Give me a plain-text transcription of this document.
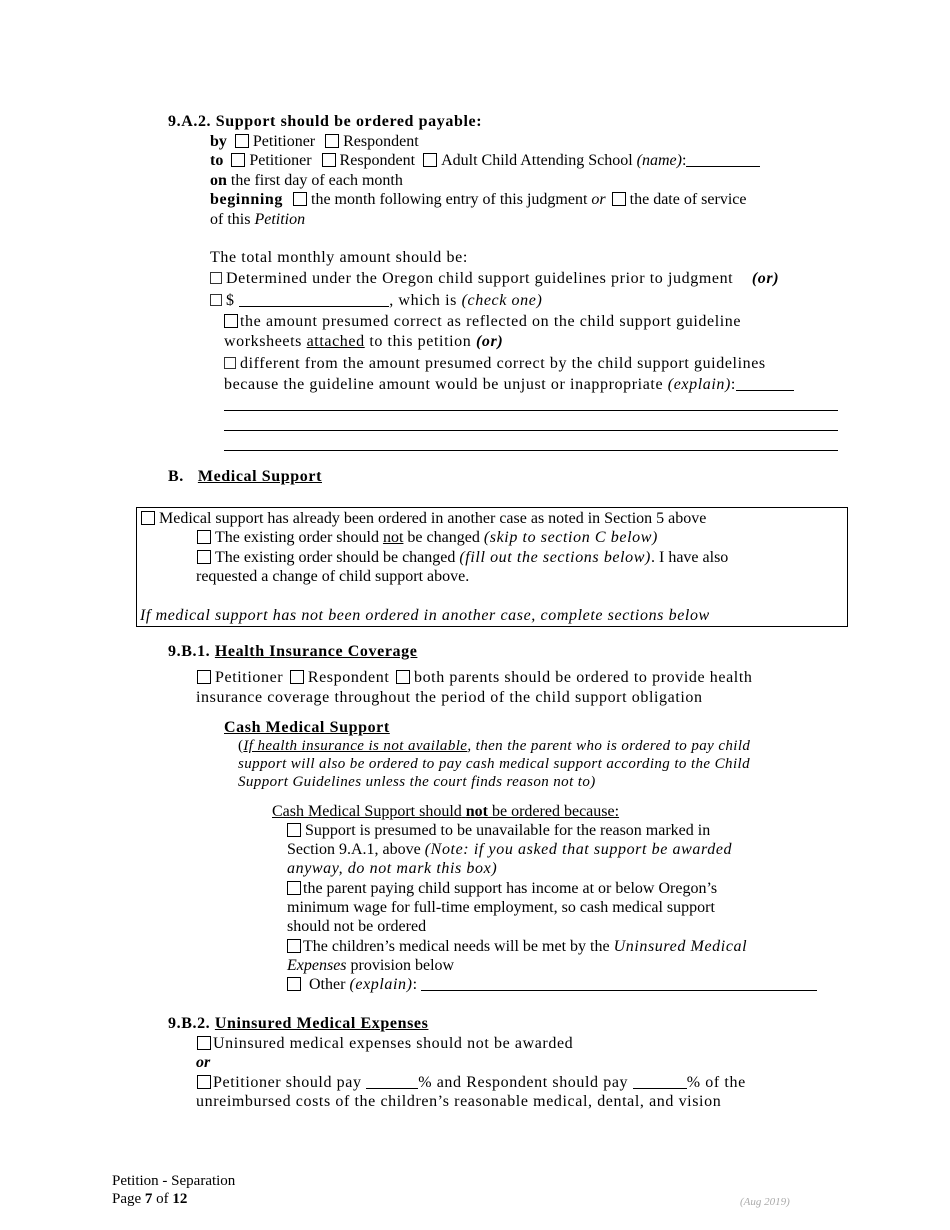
9.A.2. Support should be ordered payable:
by Petitioner Respondent
to Petitioner Respondent Adult Child Attending School (name):
on the first day of each month
beginning the month following entry of this judgment or the date of service
of this Petition
The total monthly amount should be:
Determined under the Oregon child support guidelines prior to judgment (or)
$	, which is (check one)
the amount presumed correct as reflected on the child support guideline
worksheets attached to this petition (or)
different from the amount presumed correct by the child support guidelines
because the guideline amount would be unjust or inappropriate (explain):
B. Medical Support
Medical support has already been ordered in another case as noted in Section 5 above
The existing order should not be changed (skip to section C below)
The existing order should be changed (fill out the sections below). I have also
requested a change of child support above.
If medical support has not been ordered in another case, complete sections below
9.B.1. Health Insurance Coverage
Petitioner Respondent both parents should be ordered to provide health
insurance coverage throughout the period of the child support obligation
Cash Medical Support
(If health insurance is not available, then the parent who is ordered to pay child
support will also be ordered to pay cash medical support according to the Child
Support Guidelines unless the court finds reason not to)
Cash Medical Support should not be ordered because:
Support is presumed to be unavailable for the reason marked in
Section 9.A.1, above (Note: if you asked that support be awarded
anyway, do not mark this box)
the parent paying child support has income at or below Oregon’s
minimum wage for full-time employment, so cash medical support
should not be ordered
The children’s medical needs will be met by the Uninsured Medical
Expenses provision below
Other (explain):
9.B.2. Uninsured Medical Expenses
Uninsured medical expenses should not be awarded
or
Petitioner should pay	% and Respondent should pay	% of the
unreimbursed costs of the children’s reasonable medical, dental, and vision
Petition - Separation
Page 7 of 12	(Aug 2019)
